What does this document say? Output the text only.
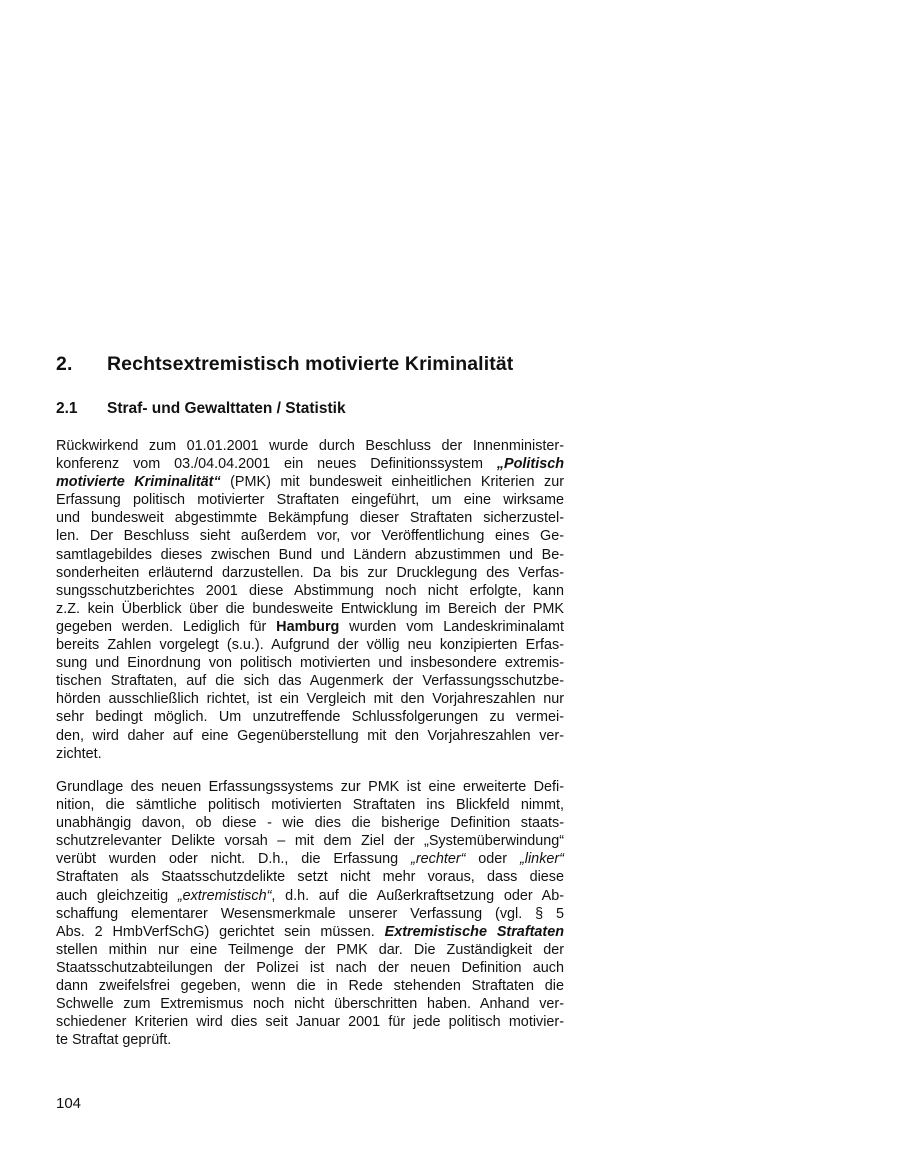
2. Rechtsextremistisch motivierte Kriminalität
2.1 Straf- und Gewalttaten / Statistik
Rückwirkend zum 01.01.2001 wurde durch Beschluss der Innenminister-
konferenz vom 03./04.04.2001 ein neues Definitionssystem „Politisch
motivierte Kriminalität“ (PMK) mit bundesweit einheitlichen Kriterien zur
Erfassung politisch motivierter Straftaten eingeführt, um eine wirksame
und bundesweit abgestimmte Bekämpfung dieser Straftaten sicherzustel-
len. Der Beschluss sieht außerdem vor, vor Veröffentlichung eines Ge-
samtlagebildes dieses zwischen Bund und Ländern abzustimmen und Be-
sonderheiten erläuternd darzustellen. Da bis zur Drucklegung des Verfas-
sungsschutzberichtes 2001 diese Abstimmung noch nicht erfolgte, kann
z.Z. kein Überblick über die bundesweite Entwicklung im Bereich der PMK
gegeben werden. Lediglich für Hamburg wurden vom Landeskriminalamt
bereits Zahlen vorgelegt (s.u.). Aufgrund der völlig neu konzipierten Erfas-
sung und Einordnung von politisch motivierten und insbesondere extremis-
tischen Straftaten, auf die sich das Augenmerk der Verfassungsschutzbe-
hörden ausschließlich richtet, ist ein Vergleich mit den Vorjahreszahlen nur
sehr bedingt möglich. Um unzutreffende Schlussfolgerungen zu vermei-
den, wird daher auf eine Gegenüberstellung mit den Vorjahreszahlen ver-
zichtet.
Grundlage des neuen Erfassungssystems zur PMK ist eine erweiterte Defi-
nition, die sämtliche politisch motivierten Straftaten ins Blickfeld nimmt,
unabhängig davon, ob diese - wie dies die bisherige Definition staats-
schutzrelevanter Delikte vorsah – mit dem Ziel der „Systemüberwindung“
verübt wurden oder nicht. D.h., die Erfassung „rechter“ oder „linker“
Straftaten als Staatsschutzdelikte setzt nicht mehr voraus, dass diese
auch gleichzeitig „extremistisch“, d.h. auf die Außerkraftsetzung oder Ab-
schaffung elementarer Wesensmerkmale unserer Verfassung (vgl. § 5
Abs. 2 HmbVerfSchG) gerichtet sein müssen. Extremistische Straftaten
stellen mithin nur eine Teilmenge der PMK dar. Die Zuständigkeit der
Staatsschutzabteilungen der Polizei ist nach der neuen Definition auch
dann zweifelsfrei gegeben, wenn die in Rede stehenden Straftaten die
Schwelle zum Extremismus noch nicht überschritten haben. Anhand ver-
schiedener Kriterien wird dies seit Januar 2001 für jede politisch motivier-
te Straftat geprüft.
104
